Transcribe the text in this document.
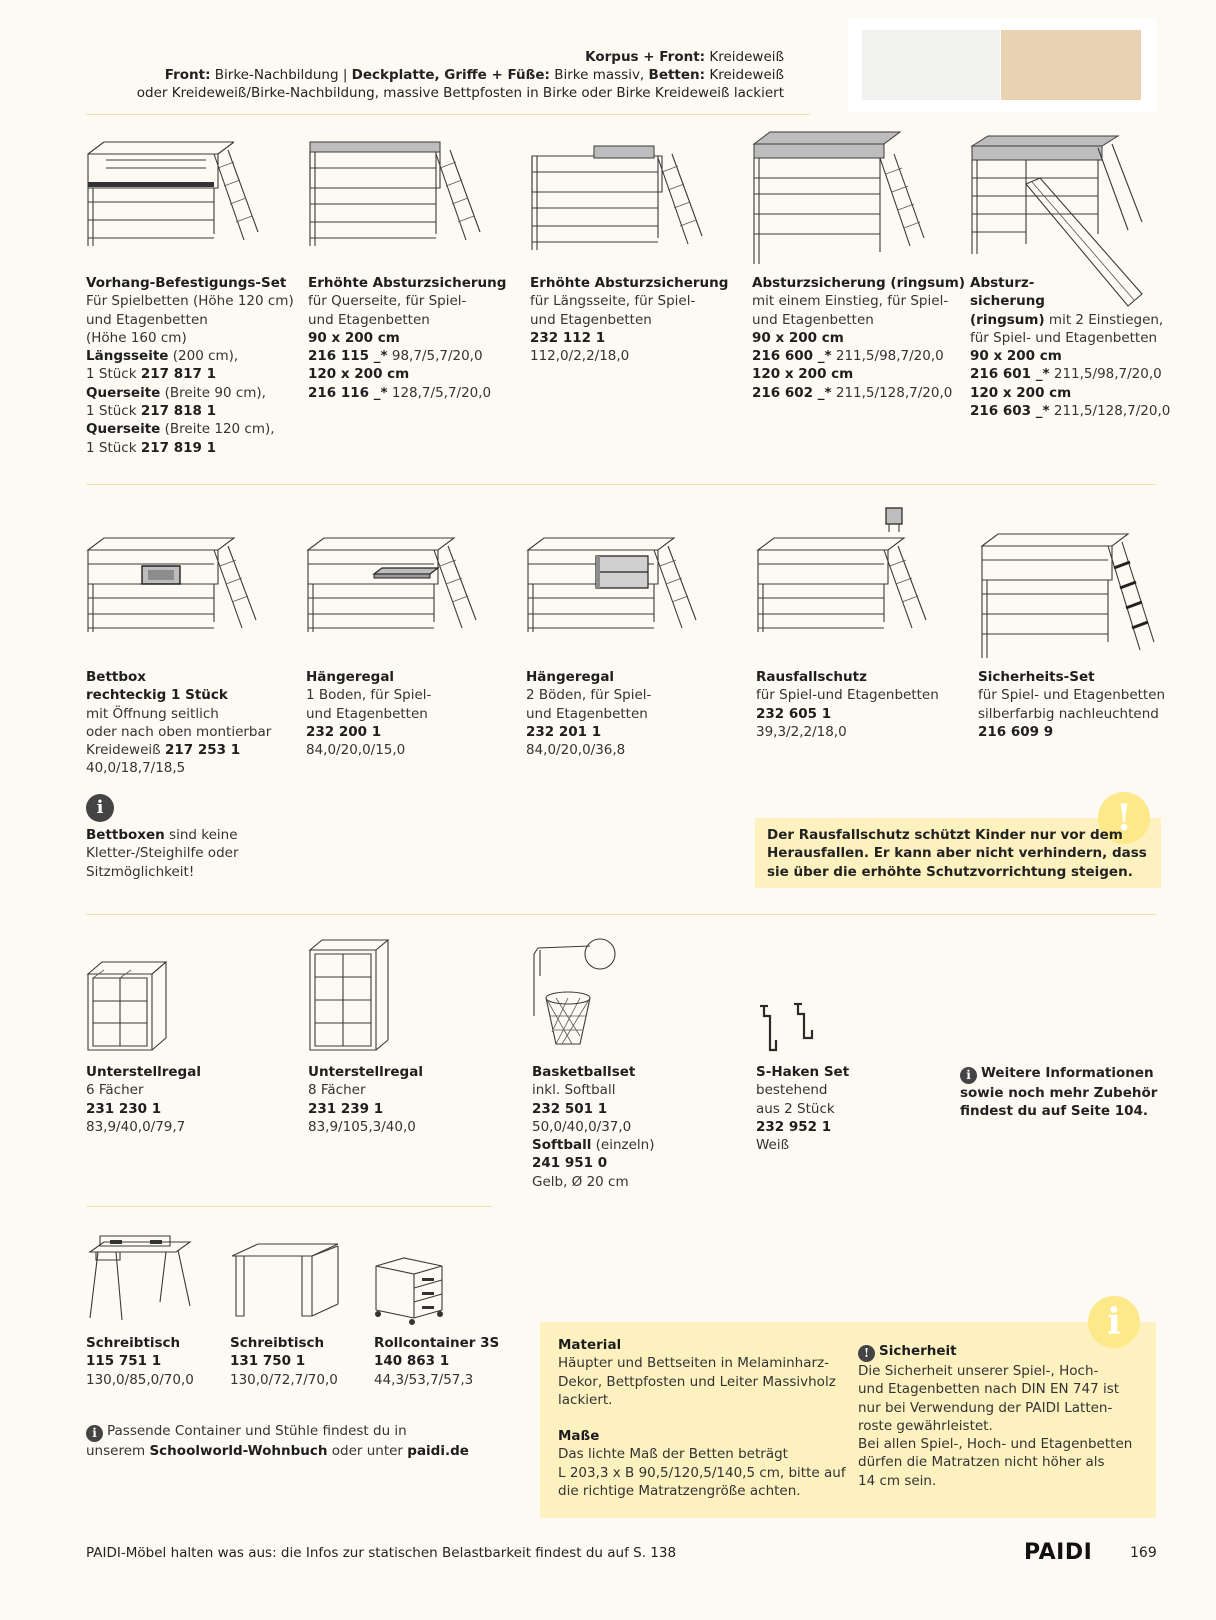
Korpus + Front: Kreideweiß
Front: Birke-Nachbildung | Deckplatte, Griffe + Füße: Birke massiv, Betten: Kreideweiß
oder Kreideweiß/Birke-Nachbildung, massive Bettpfosten in Birke oder Birke Kreideweiß lackiert
Vorhang-Befestigungs-Set
Für Spielbetten (Höhe 120 cm)
und Etagenbetten
(Höhe 160 cm)
Längsseite (200 cm),
1 Stück 217 817 1
Querseite (Breite 90 cm),
1 Stück 217 818 1
Querseite (Breite 120 cm),
1 Stück 217 819 1
Erhöhte Absturzsicherung
für Querseite, für Spiel-
und Etagenbetten
90 x 200 cm
216 115 _* 98,7/5,7/20,0
120 x 200 cm
216 116 _* 128,7/5,7/20,0
Erhöhte Absturzsicherung
für Längsseite, für Spiel-
und Etagenbetten
232 112 1
112,0/2,2/18,0
Absturzsicherung (ringsum)
mit einem Einstieg, für Spiel-
und Etagenbetten
90 x 200 cm
216 600 _* 211,5/98,7/20,0
120 x 200 cm
216 602 _* 211,5/128,7/20,0
Absturz-
sicherung
(ringsum) mit 2 Einstiegen,
für Spiel- und Etagenbetten
90 x 200 cm
216 601 _* 211,5/98,7/20,0
120 x 200 cm
216 603 _* 211,5/128,7/20,0
Bettbox
rechteckig 1 Stück
mit Öffnung seitlich
oder nach oben montierbar
Kreideweiß 217 253 1
40,0/18,7/18,5
Hängeregal
1 Boden, für Spiel-
und Etagenbetten
232 200 1
84,0/20,0/15,0
Hängeregal
2 Böden, für Spiel-
und Etagenbetten
232 201 1
84,0/20,0/36,8
Rausfallschutz
für Spiel-und Etagenbetten
232 605 1
39,3/2,2/18,0
Sicherheits-Set
für Spiel- und Etagenbetten
silberfarbig nachleuchtend
216 609 9
i
Bettboxen sind keine
Kletter-/Steighilfe oder
Sitzmöglichkeit!
!
Der Rausfallschutz schützt Kinder nur vor dem
Herausfallen. Er kann aber nicht verhindern, dass
sie über die erhöhte Schutzvorrichtung steigen.
Unterstellregal
6 Fächer
231 230 1
83,9/40,0/79,7
Unterstellregal
8 Fächer
231 239 1
83,9/105,3/40,0
Basketballset
inkl. Softball
232 501 1
50,0/40,0/37,0
Softball (einzeln)
241 951 0
Gelb, Ø 20 cm
S-Haken Set
bestehend
aus 2 Stück
232 952 1
Weiß
i Weitere Informationen
sowie noch mehr Zubehör
findest du auf Seite 104.
Schreibtisch
115 751 1
130,0/85,0/70,0
Schreibtisch
131 750 1
130,0/72,7/70,0
Rollcontainer 3S
140 863 1
44,3/53,7/57,3
i Passende Container und Stühle findest du in
unserem Schoolworld-Wohnbuch oder unter paidi.de
i
Material
Häupter und Bettseiten in Melaminharz-
Dekor, Bettpfosten und Leiter Massivholz
lackiert.
Maße
Das lichte Maß der Betten beträgt
L 203,3 x B 90,5/120,5/140,5 cm, bitte auf
die richtige Matratzengröße achten.
! Sicherheit
Die Sicherheit unserer Spiel-, Hoch-
und Etagenbetten nach DIN EN 747 ist
nur bei Verwendung der PAIDI Latten-
roste gewährleistet.
Bei allen Spiel-, Hoch- und Etagenbetten
dürfen die Matratzen nicht höher als
14 cm sein.
PAIDI-Möbel halten was aus: die Infos zur statischen Belastbarkeit findest du auf S. 138	PAIDI	169
